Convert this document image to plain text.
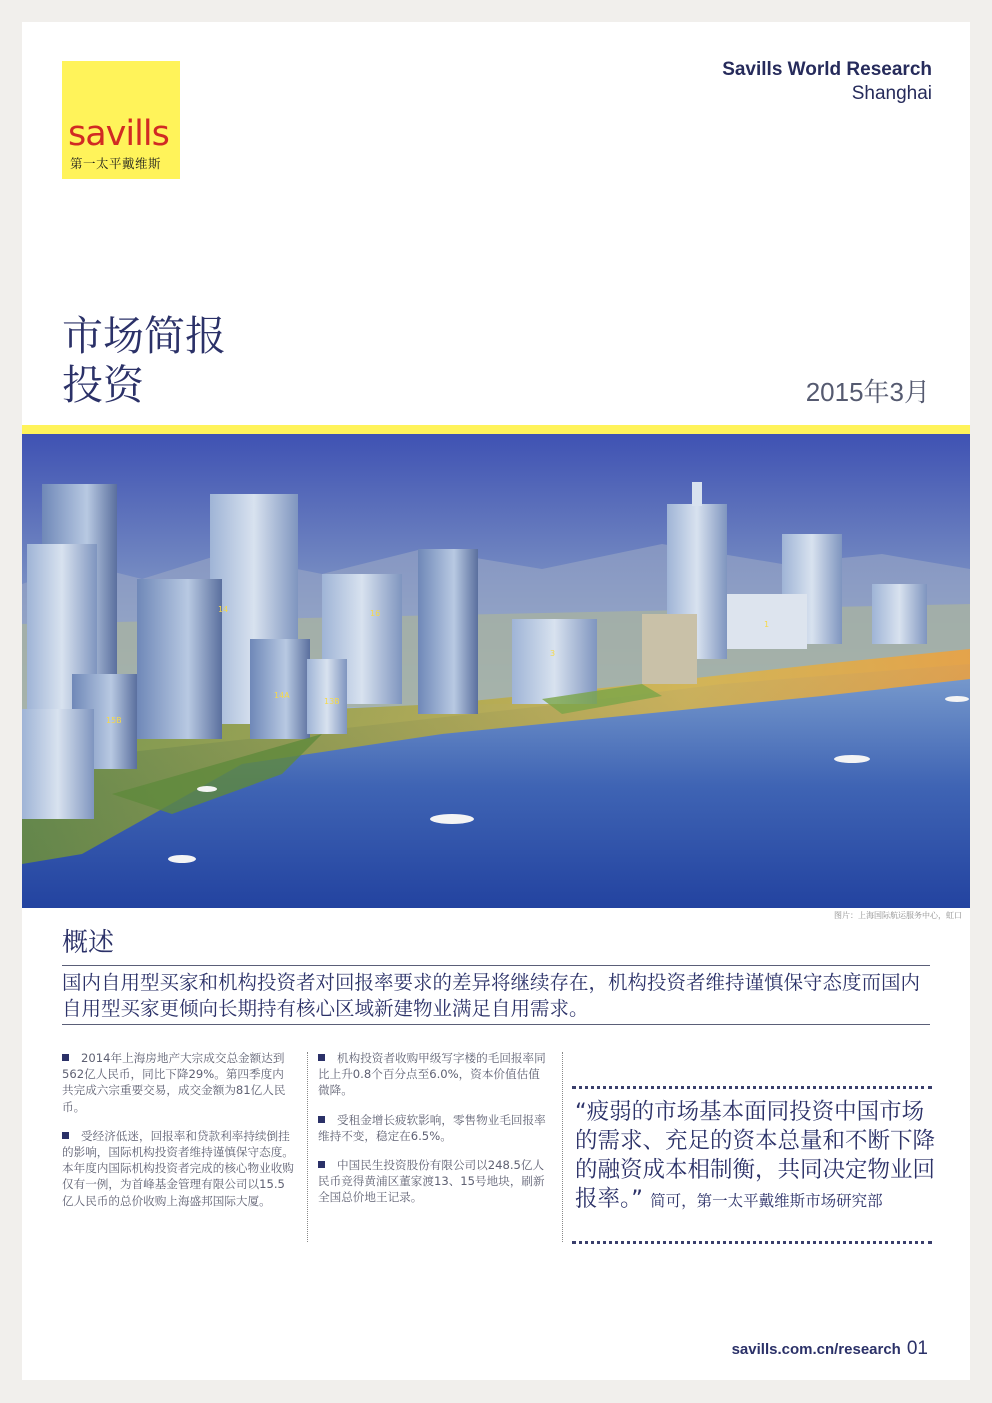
savills
第一太平戴维斯
Savills World Research
Shanghai
市场简报
投资	2015年3月
14
14A
13B
15B
16
3
1
图片：上海国际航运服务中心，虹口
概述
国内自用型买家和机构投资者对回报率要求的差异将继续存在，机构投资者维持谨慎保守态度而国内自用型买家更倾向长期持有核心区域新建物业满足自用需求。

2014年上海房地产大宗成交总金额达到562亿人民币，同比下降29%。第四季度内共完成六宗重要交易，成交金额为81亿人民币。

受经济低迷，回报率和贷款利率持续倒挂的影响，国际机构投资者维持谨慎保守态度。本年度内国际机构投资者完成的核心物业收购仅有一例，为首峰基金管理有限公司以15.5亿人民币的总价收购上海盛邦国际大厦。

机构投资者收购甲级写字楼的毛回报率同比上升0.8个百分点至6.0%，资本价值估值微降。

受租金增长疲软影响，零售物业毛回报率维持不变，稳定在6.5%。

中国民生投资股份有限公司以248.5亿人民币竞得黄浦区董家渡13、15号地块，刷新全国总价地王记录。

“疲弱的市场基本面同投资中国市场的需求、充足的资本总量和不断下降的融资成本相制衡，共同决定物业回报率。” 简可，第一太平戴维斯市场研究部
savills.com.cn/research 01
